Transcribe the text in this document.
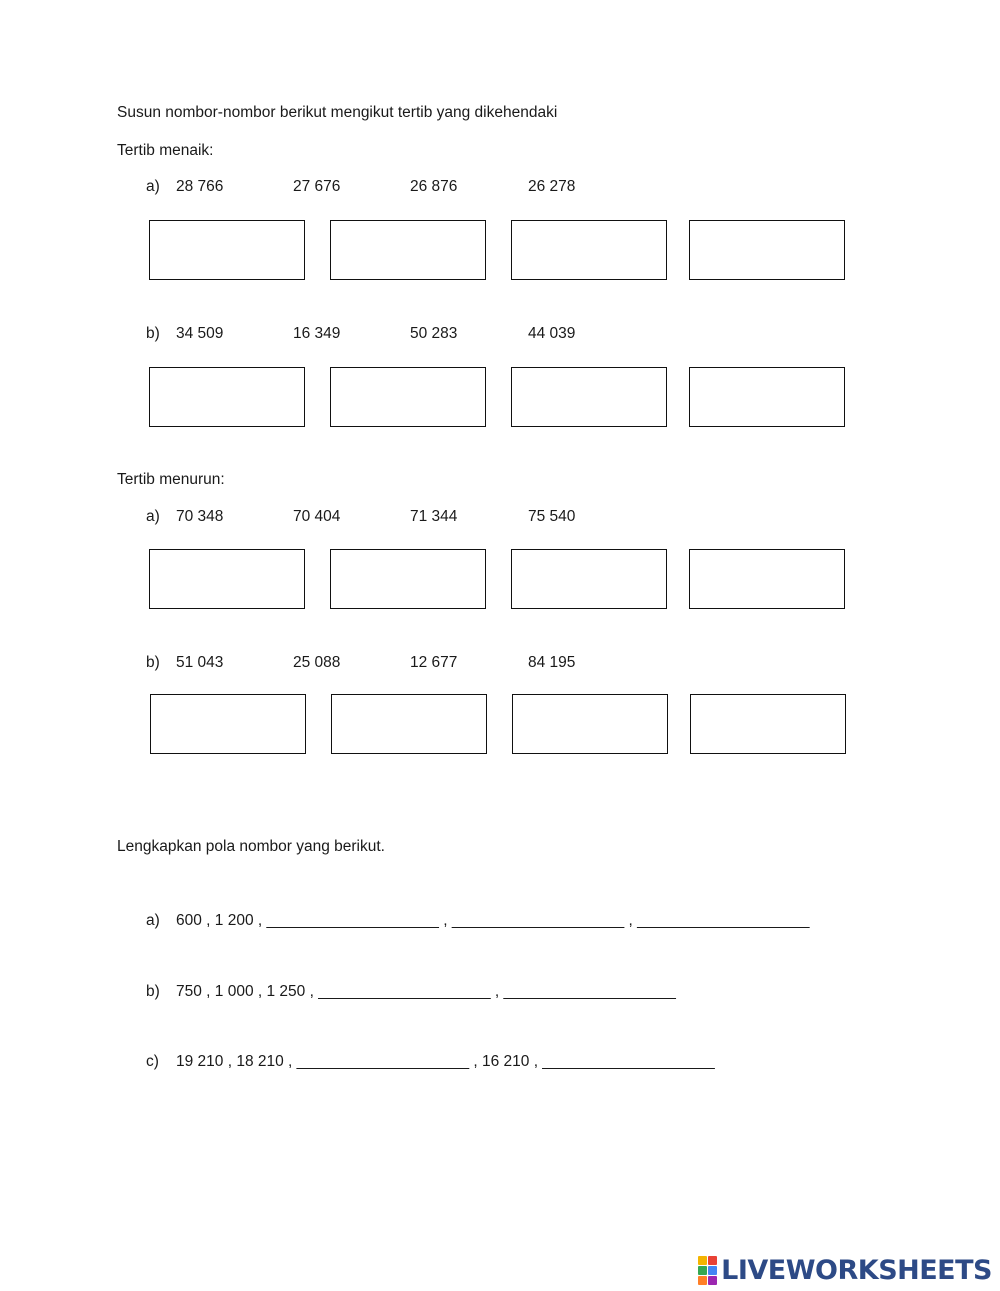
Susun nombor-nombor berikut mengikut tertib yang dikehendaki
Tertib menaik:
a) 28 766	27 676	26 876	26 278
b) 34 509	16 349	50 283	44 039
Tertib menurun:
a) 70 348	70 404	71 344	75 540
b) 51 043	25 088	12 677	84 195
Lengkapkan pola nombor yang berikut.
a) 600 , 1 200 , ____________________ , ____________________ , ____________________
b) 750 , 1 000 , 1 250 , ____________________ , ____________________
c) 19 210 , 18 210 , ____________________ , 16 210 , ____________________
LIVEWORKSHEETS
